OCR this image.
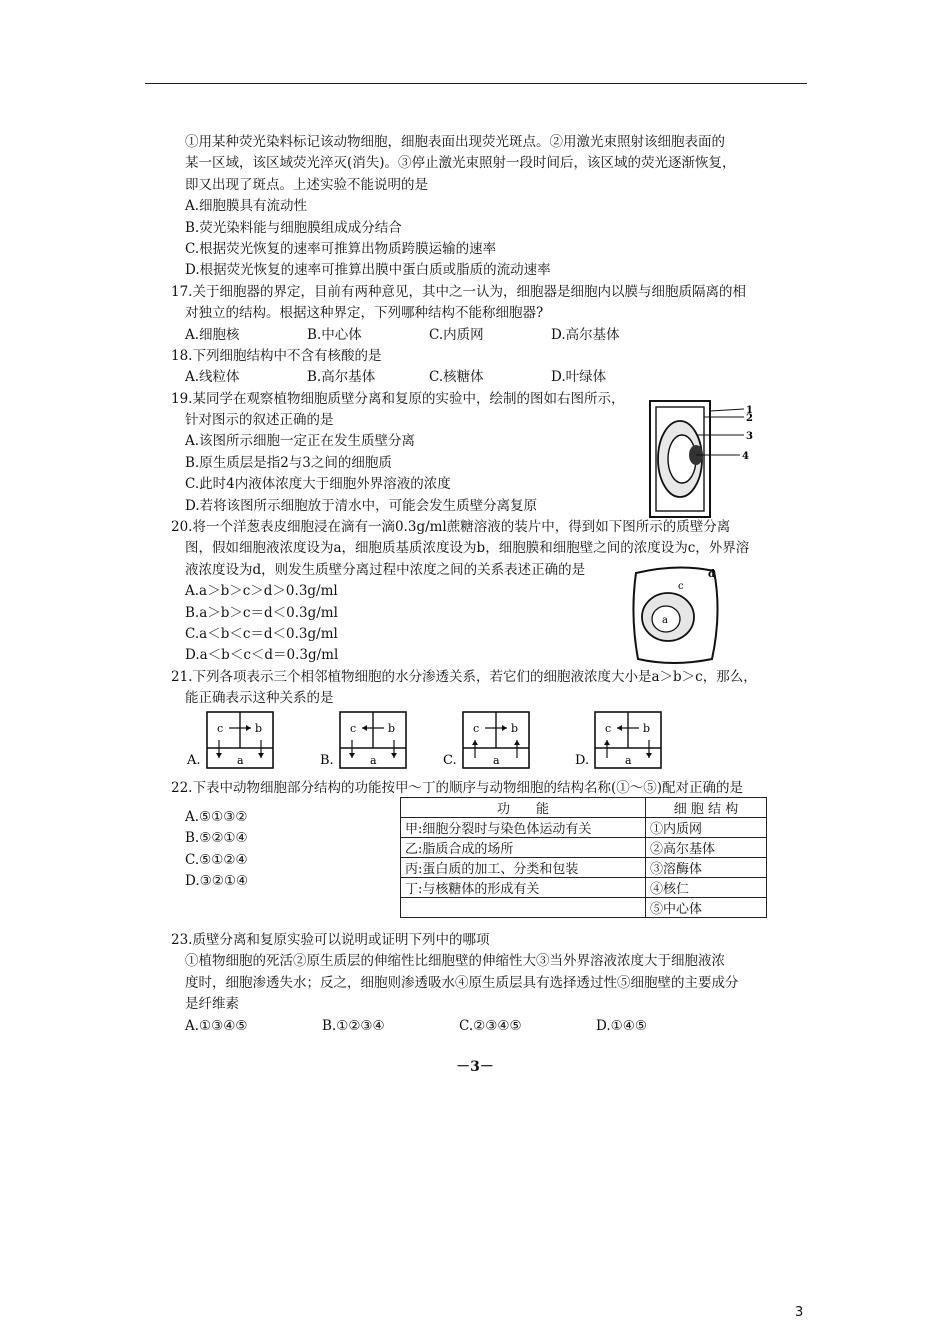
①用某种荧光染料标记该动物细胞，细胞表面出现荧光斑点。②用激光束照射该细胞表面的
某一区域，该区域荧光淬灭(消失)。③停止激光束照射一段时间后，该区域的荧光逐渐恢复，
即又出现了斑点。上述实验不能说明的是
A.细胞膜具有流动性
B.荧光染料能与细胞膜组成成分结合
C.根据荧光恢复的速率可推算出物质跨膜运输的速率
D.根据荧光恢复的速率可推算出膜中蛋白质或脂质的流动速率
17.关于细胞器的界定，目前有两种意见，其中之一认为，细胞器是细胞内以膜与细胞质隔离的相
对独立的结构。根据这种界定，下列哪种结构不能称细胞器?
A.细胞核	B.中心体	C.内质网	D.高尔基体
18.下列细胞结构中不含有核酸的是
A.线粒体	B.高尔基体	C.核糖体	D.叶绿体
19.某同学在观察植物细胞质壁分离和复原的实验中，绘制的图如右图所示，
针对图示的叙述正确的是
A.该图所示细胞一定正在发生质壁分离
B.原生质层是指2与3之间的细胞质
C.此时4内液体浓度大于细胞外界溶液的浓度
D.若将该图所示细胞放于清水中，可能会发生质壁分离复原
20.将一个洋葱表皮细胞浸在滴有一滴0.3g/ml蔗糖溶液的装片中，得到如下图所示的质壁分离
图，假如细胞液浓度设为a，细胞质基质浓度设为b，细胞膜和细胞壁之间的浓度设为c，外界溶
液浓度设为d，则发生质壁分离过程中浓度之间的关系表述正确的是
A.a＞b＞c＞d＞0.3g/ml
B.a＞b＞c＝d＜0.3g/ml
C.a＜b＜c＝d＜0.3g/ml
D.a＜b＜c＜d＝0.3g/ml
21.下列各项表示三个相邻植物细胞的水分渗透关系，若它们的细胞液浓度大小是a＞b＞c，那么，
能正确表示这种关系的是
1
2
3
4
c
d
a
A.
c	b
a	B.
c	b
a	C.
c	b
a	D.
c	b
a
22.下表中动物细胞部分结构的功能按甲～丁的顺序与动物细胞的结构名称(①～⑤)配对正确的是
A.⑤①③②
B.⑤②①④
C.⑤①②④
D.③②①④
功　　能	细 胞 结 构
甲:细胞分裂时与染色体运动有关	①内质网
乙:脂质合成的场所	②高尔基体
丙:蛋白质的加工、分类和包装	③溶酶体
丁:与核糖体的形成有关	④核仁
	⑤中心体
23.质壁分离和复原实验可以说明或证明下列中的哪项
①植物细胞的死活②原生质层的伸缩性比细胞壁的伸缩性大③当外界溶液浓度大于细胞液浓
度时，细胞渗透失水；反之，细胞则渗透吸水④原生质层具有选择透过性⑤细胞壁的主要成分
是纤维素
A.①③④⑤	B.①②③④	C.②③④⑤	D.①④⑤
－3－
3
